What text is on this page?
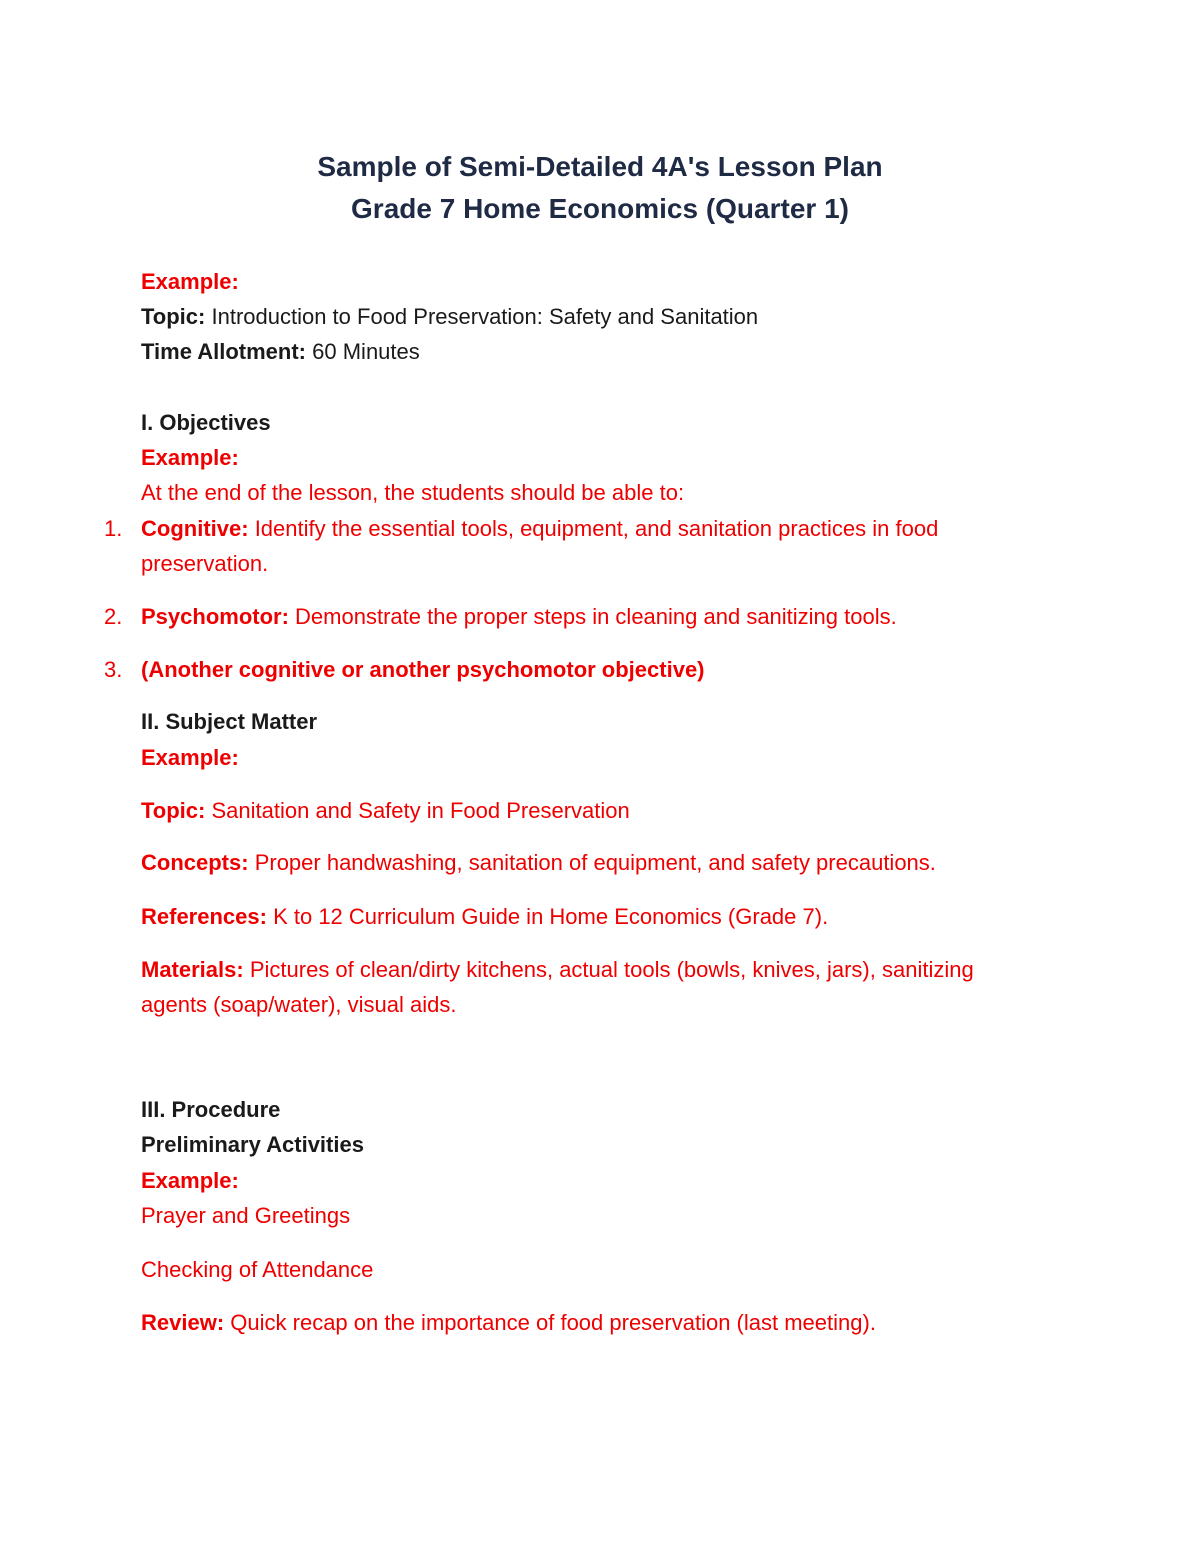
Sample of Semi-Detailed 4A's Lesson Plan
Grade 7 Home Economics (Quarter 1)

Example:

Topic: Introduction to Food Preservation: Safety and Sanitation

Time Allotment: 60 Minutes

I. Objectives

Example:

At the end of the lesson, the students should be able to:

1. Cognitive: Identify the essential tools, equipment, and sanitation practices in food

preservation.

2. Psychomotor: Demonstrate the proper steps in cleaning and sanitizing tools.

3. (Another cognitive or another psychomotor objective)

II. Subject Matter

Example:

Topic: Sanitation and Safety in Food Preservation

Concepts: Proper handwashing, sanitation of equipment, and safety precautions.

References: K to 12 Curriculum Guide in Home Economics (Grade 7).

Materials: Pictures of clean/dirty kitchens, actual tools (bowls, knives, jars), sanitizing

agents (soap/water), visual aids.

III. Procedure

Preliminary Activities

Example:

Prayer and Greetings

Checking of Attendance

Review: Quick recap on the importance of food preservation (last meeting).
